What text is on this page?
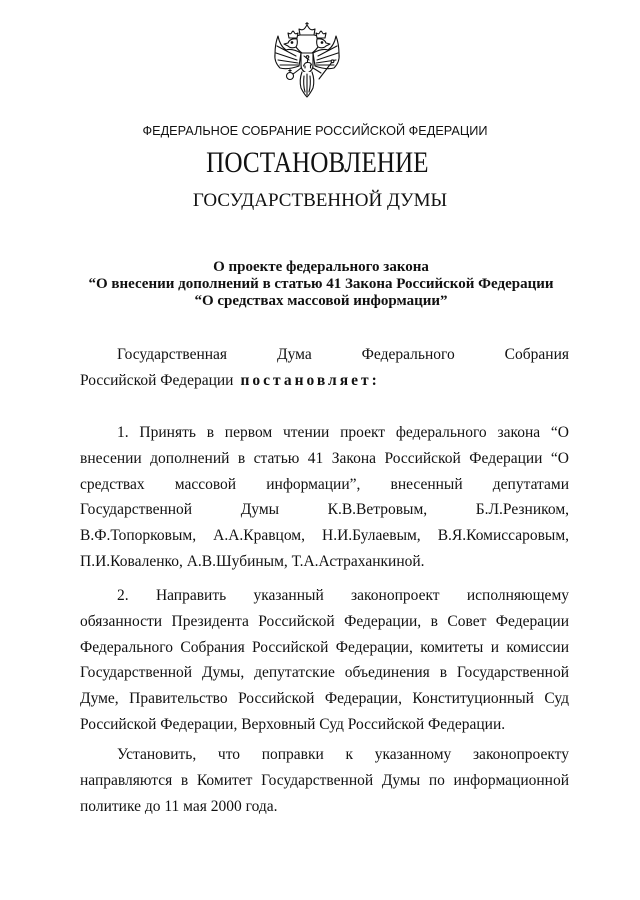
ФЕДЕРАЛЬНОЕ СОБРАНИЕ РОССИЙСКОЙ ФЕДЕРАЦИИ
ПОСТАНОВЛЕНИЕ
ГОСУДАРСТВЕННОЙ ДУМЫ
О проекте федерального закона
“О внесении дополнений в статью 41 Закона Российской Федерации
“О средствах массовой информации”
Государственная Дума Федерального Собрания
Российской Федерации постановляет:
1. Принять в первом чтении проект федерального закона “О
внесении дополнений в статью 41 Закона Российской Федерации “О
средствах массовой информации”, внесенный депутатами
Государственной Думы К.В.Ветровым, Б.Л.Резником,
В.Ф.Топорковым, А.А.Кравцом, Н.И.Булаевым, В.Я.Комиссаровым,
П.И.Коваленко, А.В.Шубиным, Т.А.Астраханкиной.
2. Направить указанный законопроект исполняющему
обязанности Президента Российской Федерации, в Совет Федерации
Федерального Собрания Российской Федерации, комитеты и комиссии
Государственной Думы, депутатские объединения в Государственной
Думе, Правительство Российской Федерации, Конституционный Суд
Российской Федерации, Верховный Суд Российской Федерации.
Установить, что поправки к указанному законопроекту
направляются в Комитет Государственной Думы по информационной
политике до 11 мая 2000 года.
